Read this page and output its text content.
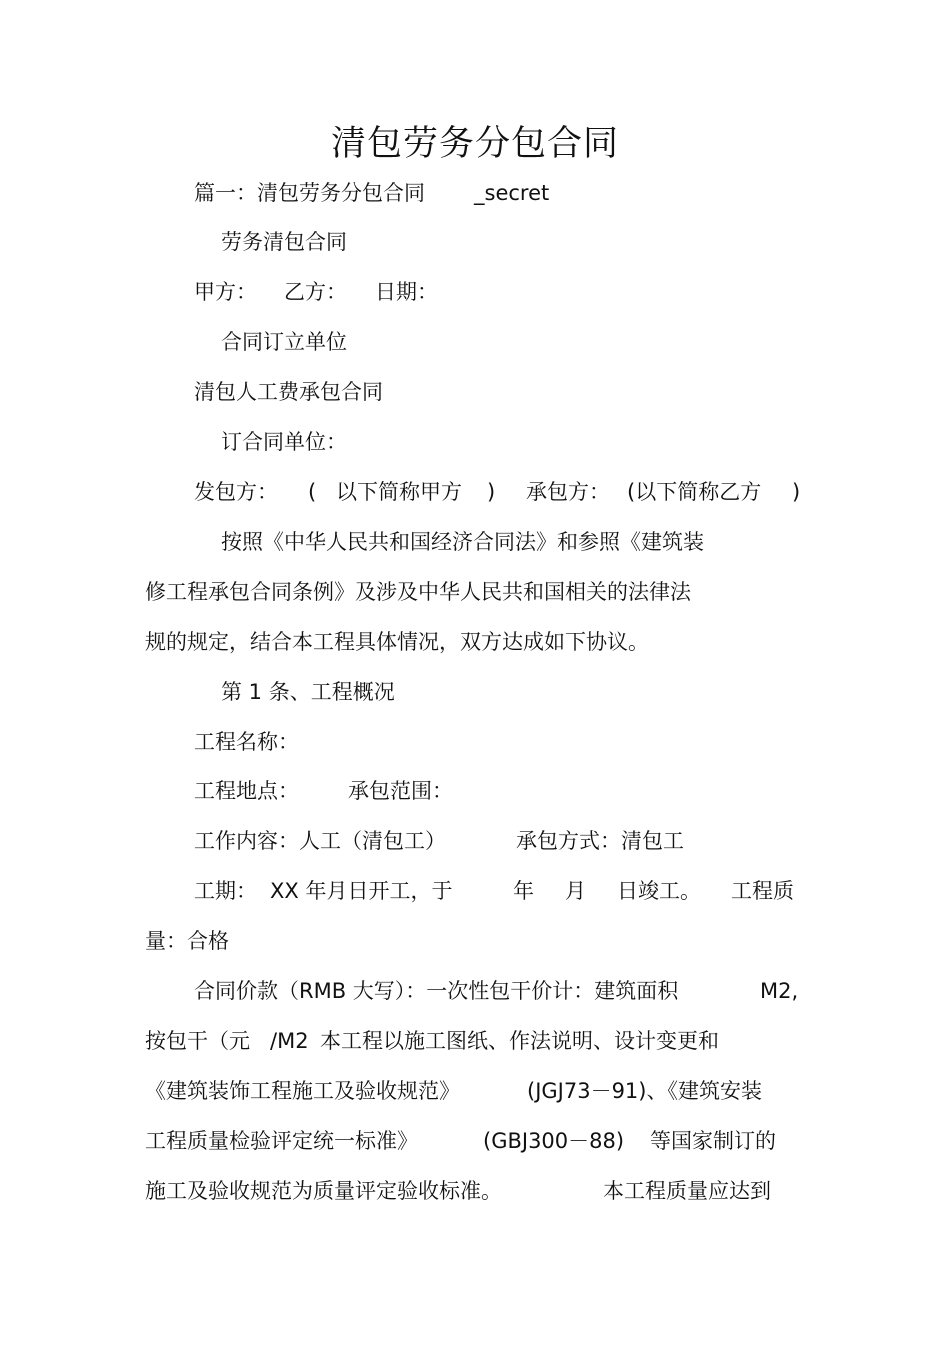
清包劳务分包合同
篇一：清包劳务分包合同 _secret
劳务清包合同
甲方： 乙方： 日期：
合同订立单位
清包人工费承包合同
订合同单位：
发包方： ( 以下简称甲方 ) 承包方： (以下简称乙方 )
按照《中华人民共和国经济合同法》和参照《建筑装
修工程承包合同条例》及涉及中华人民共和国相关的法律法
规的规定，结合本工程具体情况，双方达成如下协议。
第 1 条、工程概况
工程名称：
工程地点： 承包范围：
工作内容：人工（清包工）	承包方式：清包工
工期： XX 年月日开工，于	年 月 日竣工。 工程质
量：合格
合同价款（RMB 大写）：一次性包干价计：建筑面积	M2,
按包干（元 /M2 本工程以施工图纸、作法说明、设计变更和
《建筑装饰工程施工及验收规范》	(JGJ73－91)、《建筑安装
工程质量检验评定统一标准》	(GBJ300－88) 等国家制订的
施工及验收规范为质量评定验收标准。	本工程质量应达到
